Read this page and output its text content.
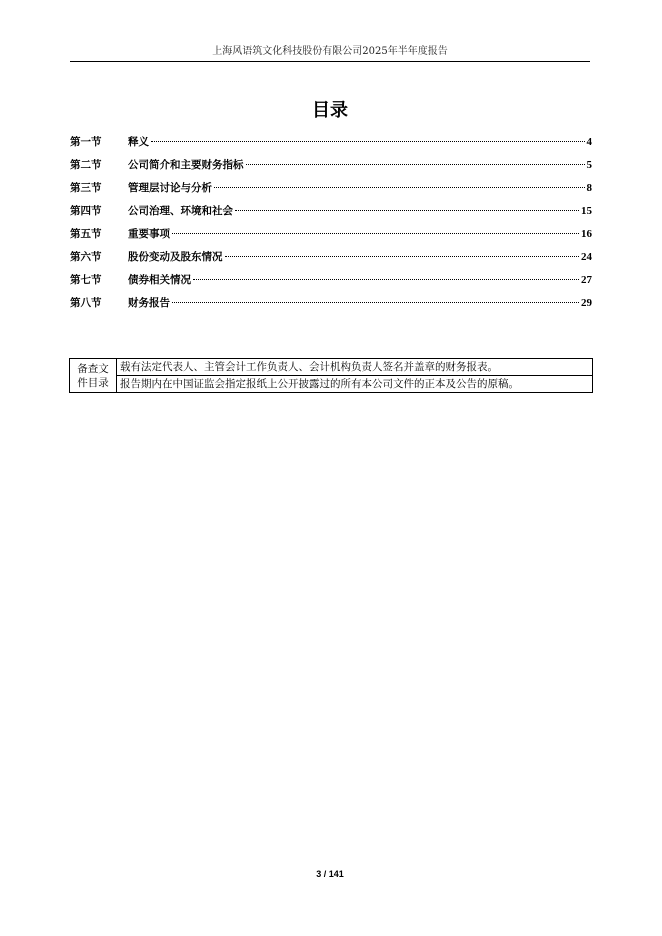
上海风语筑文化科技股份有限公司2025年半年度报告
目录
第一节	释义	4
第二节	公司简介和主要财务指标	5
第三节	管理层讨论与分析	8
第四节	公司治理、环境和社会	15
第五节	重要事项	16
第六节	股份变动及股东情况	24
第七节	债券相关情况	27
第八节	财务报告	29
备查文
件目录
	载有法定代表人、主管会计工作负责人、会计机构负责人签名并盖章的财务报表。
报告期内在中国证监会指定报纸上公开披露过的所有本公司文件的正本及公告的原稿。
3 / 141
